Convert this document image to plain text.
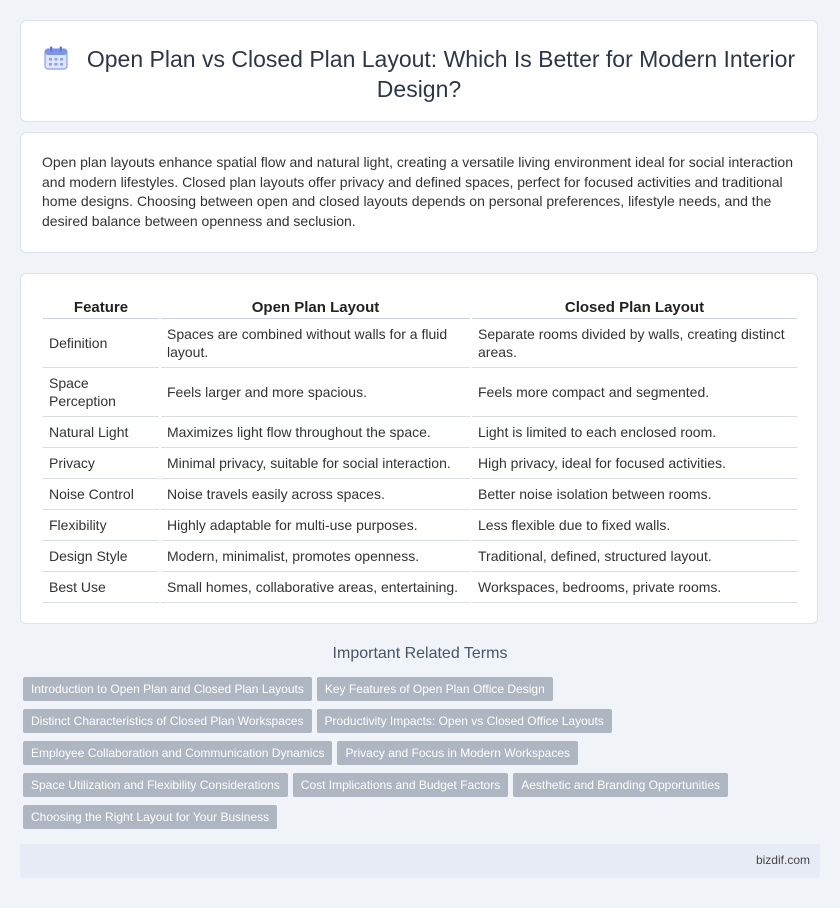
Open Plan vs Closed Plan Layout: Which Is Better for Modern Interior Design?

Open plan layouts enhance spatial flow and natural light, creating a versatile living environment ideal for social interaction and modern lifestyles. Closed plan layouts offer privacy and defined spaces, perfect for focused activities and traditional home designs. Choosing between open and closed layouts depends on personal preferences, lifestyle needs, and the desired balance between openness and seclusion.

Feature	Open Plan Layout	Closed Plan Layout
Definition	Spaces are combined without walls for a fluid layout.	Separate rooms divided by walls, creating distinct areas.
Space Perception	Feels larger and more spacious.	Feels more compact and segmented.
Natural Light	Maximizes light flow throughout the space.	Light is limited to each enclosed room.
Privacy	Minimal privacy, suitable for social interaction.	High privacy, ideal for focused activities.
Noise Control	Noise travels easily across spaces.	Better noise isolation between rooms.
Flexibility	Highly adaptable for multi-use purposes.	Less flexible due to fixed walls.
Design Style	Modern, minimalist, promotes openness.	Traditional, defined, structured layout.
Best Use	Small homes, collaborative areas, entertaining.	Workspaces, bedrooms, private rooms.
Important Related Terms
Introduction to Open Plan and Closed Plan Layouts Key Features of Open Plan Office Design
Distinct Characteristics of Closed Plan Workspaces Productivity Impacts: Open vs Closed Office Layouts
Employee Collaboration and Communication Dynamics Privacy and Focus in Modern Workspaces
Space Utilization and Flexibility Considerations Cost Implications and Budget Factors Aesthetic and Branding Opportunities
Choosing the Right Layout for Your Business
bizdif.com
